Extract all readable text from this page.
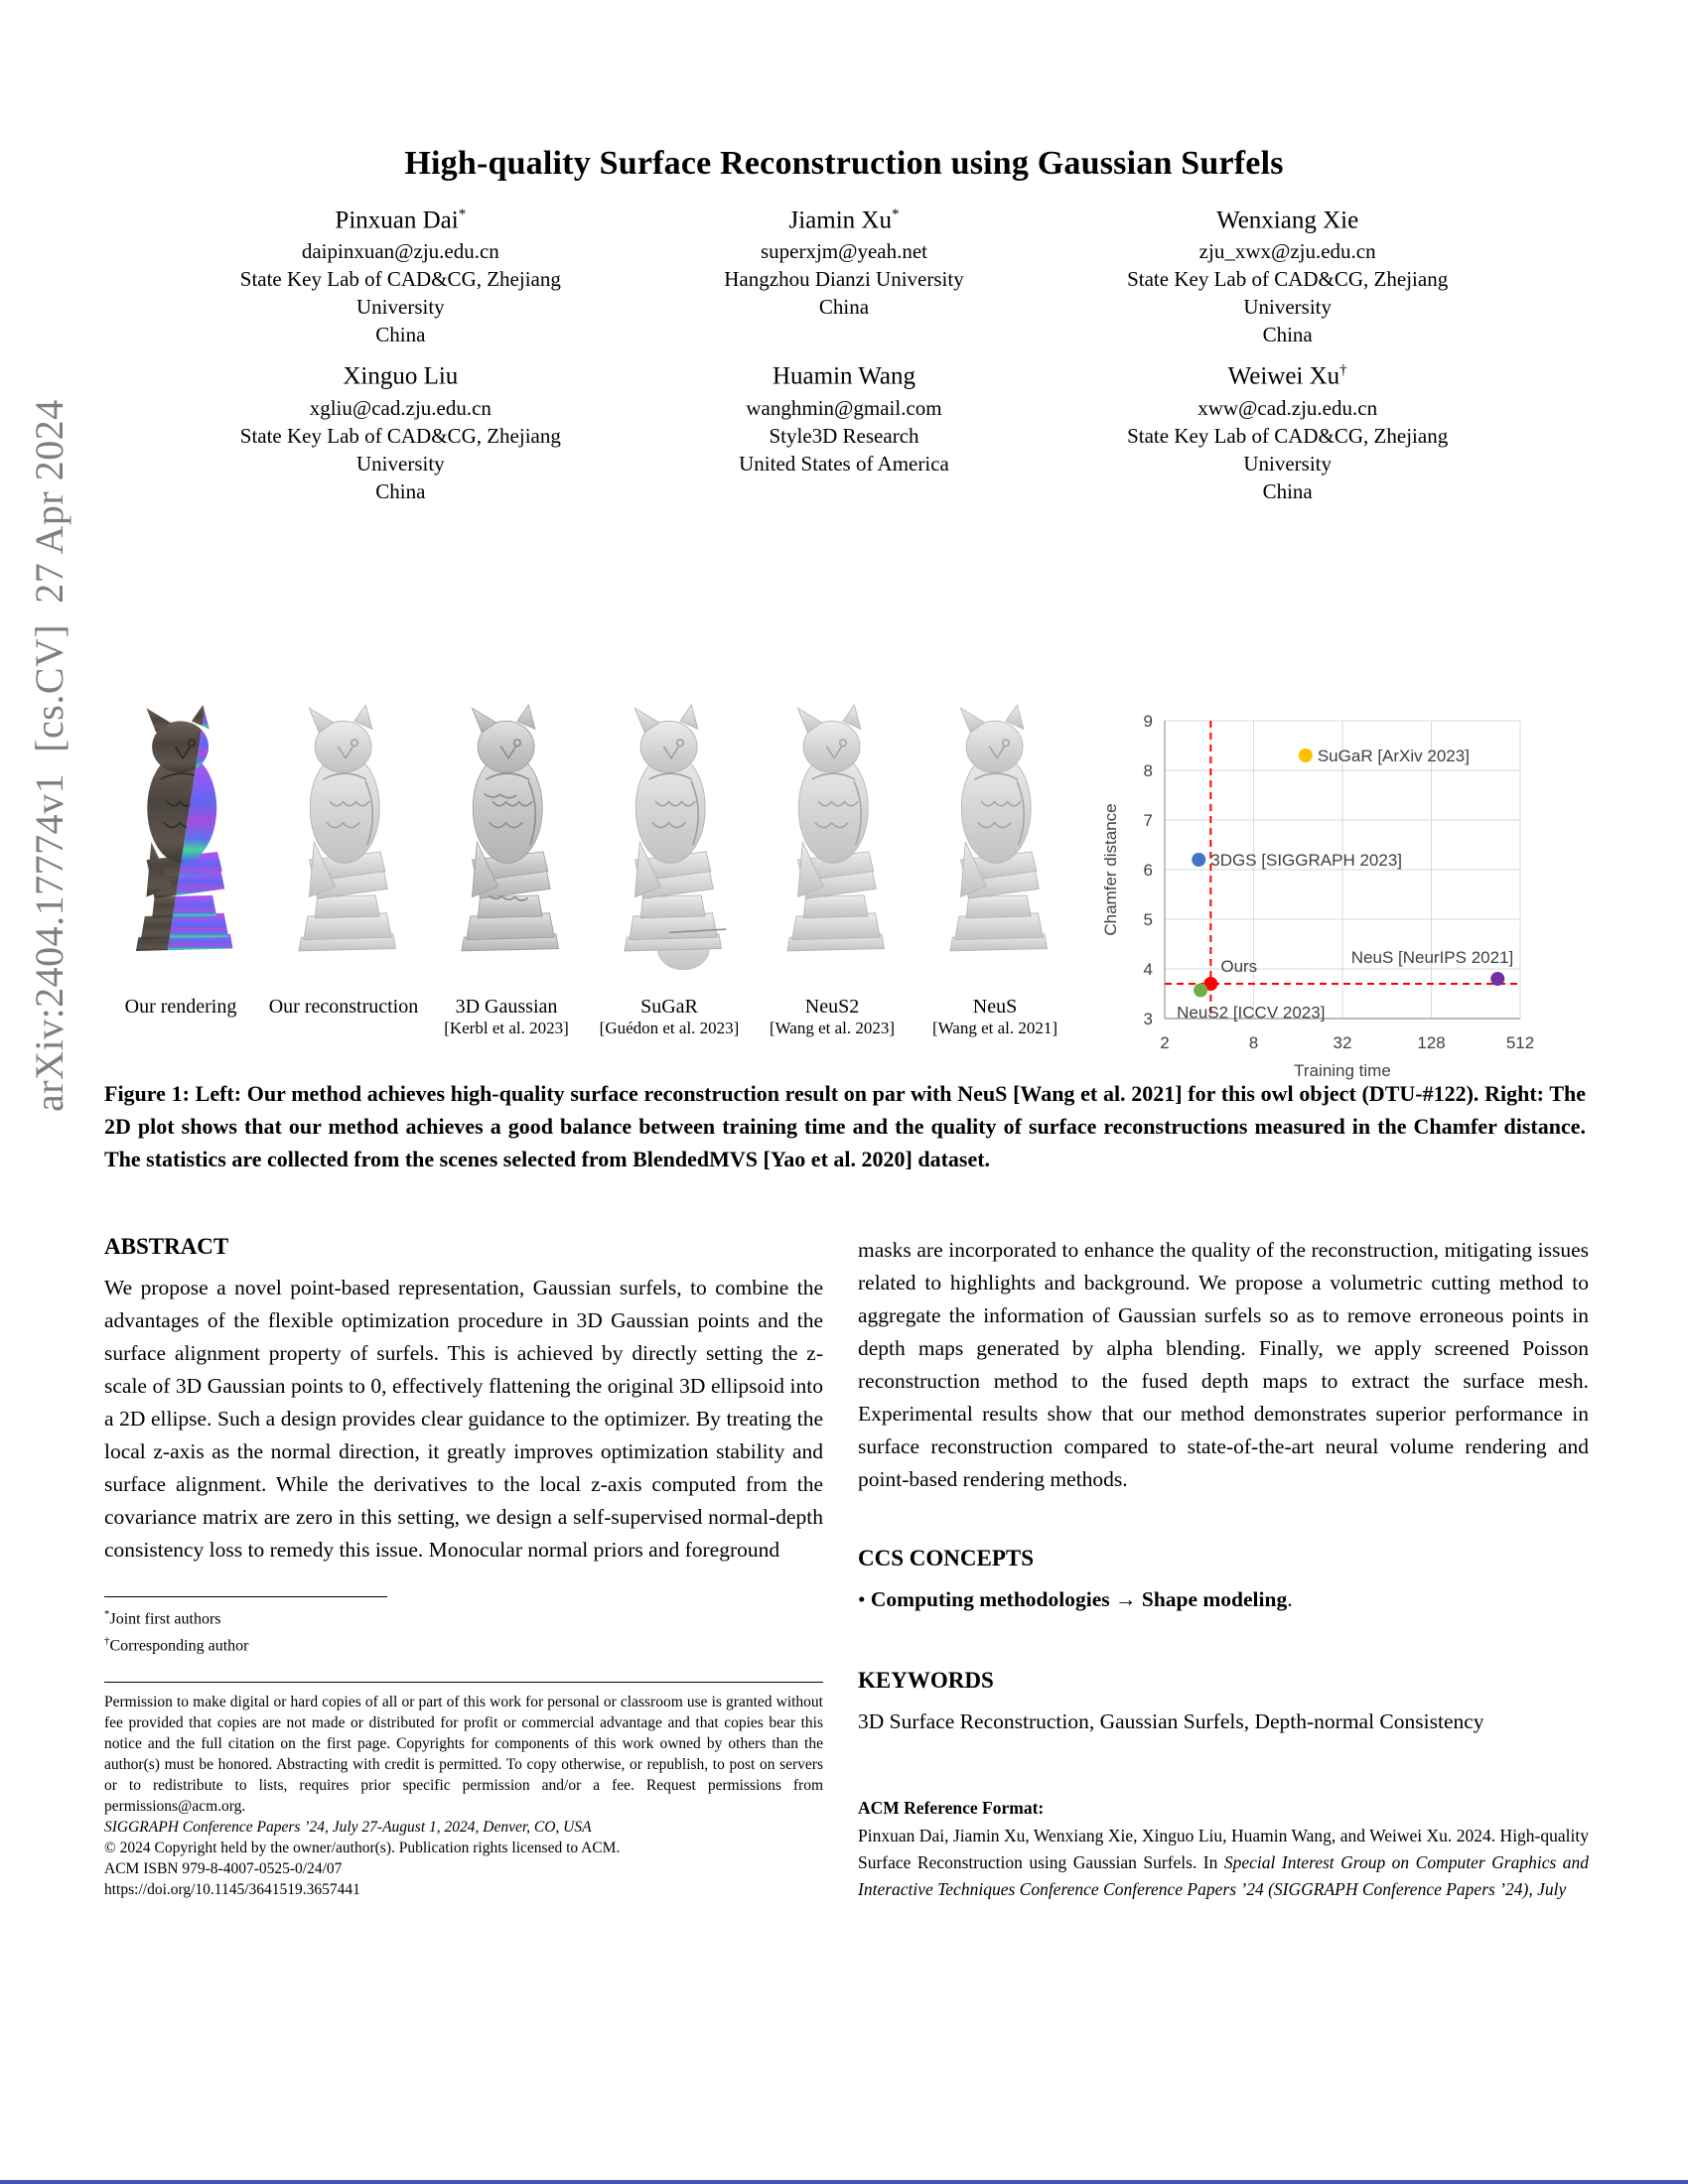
arXiv:2404.17774v1  [cs.CV]  27 Apr 2024
High-quality Surface Reconstruction using Gaussian Surfels
Pinxuan Dai*
daipinxuan@zju.edu.cn
State Key Lab of CAD&CG, Zhejiang
University
China
Jiamin Xu*
superxjm@yeah.net
Hangzhou Dianzi University
China
Wenxiang Xie
zju_xwx@zju.edu.cn
State Key Lab of CAD&CG, Zhejiang
University
China
Xinguo Liu
xgliu@cad.zju.edu.cn
State Key Lab of CAD&CG, Zhejiang
University
China
Huamin Wang
wanghmin@gmail.com
Style3D Research
United States of America
Weiwei Xu†
xww@cad.zju.edu.cn
State Key Lab of CAD&CG, Zhejiang
University
China
Our rendering	Our reconstruction	3D Gaussian
[Kerbl et al. 2023]
SuGaR
[Guédon et al. 2023]
NeuS2
[Wang et al. 2023]
NeuS
[Wang et al. 2021]	3
4
5
6
7
8
9
2	8	32	128	512
SuGaR [ArXiv 2023]
3DGS [SIGGRAPH 2023]
NeuS [NeurIPS 2021]
Ours
NeuS2 [ICCV 2023]
Training time
Chamfer distance
Figure 1: Left: Our method achieves high-quality surface reconstruction result on par with NeuS [Wang et al. 2021] for this owl object (DTU-#122). Right: The 2D plot shows that our method achieves a good balance between training time and the quality of surface reconstructions measured in the Chamfer distance. The statistics are collected from the scenes selected from BlendedMVS [Yao et al. 2020] dataset.
ABSTRACT

We propose a novel point-based representation, Gaussian surfels, to combine the advantages of the flexible optimization procedure in 3D Gaussian points and the surface alignment property of surfels. This is achieved by directly setting the z-scale of 3D Gaussian points to 0, effectively flattening the original 3D ellipsoid into a 2D ellipse. Such a design provides clear guidance to the optimizer. By treating the local z-axis as the normal direction, it greatly improves optimization stability and surface alignment. While the derivatives to the local z-axis computed from the covariance matrix are zero in this setting, we design a self-supervised normal-depth consistency loss to remedy this issue. Monocular normal priors and foreground

*Joint first authors

†Corresponding author

Permission to make digital or hard copies of all or part of this work for personal or classroom use is granted without fee provided that copies are not made or distributed for profit or commercial advantage and that copies bear this notice and the full citation on the first page. Copyrights for components of this work owned by others than the author(s) must be honored. Abstracting with credit is permitted. To copy otherwise, or republish, to post on servers or to redistribute to lists, requires prior specific permission and/or a fee. Request permissions from permissions@acm.org.

SIGGRAPH Conference Papers ’24, July 27-August 1, 2024, Denver, CO, USA

© 2024 Copyright held by the owner/author(s). Publication rights licensed to ACM.

ACM ISBN 979-8-4007-0525-0/24/07

https://doi.org/10.1145/3641519.3657441

masks are incorporated to enhance the quality of the reconstruction, mitigating issues related to highlights and background. We propose a volumetric cutting method to aggregate the information of Gaussian surfels so as to remove erroneous points in depth maps generated by alpha blending. Finally, we apply screened Poisson reconstruction method to the fused depth maps to extract the surface mesh. Experimental results show that our method demonstrates superior performance in surface reconstruction compared to state-of-the-art neural volume rendering and point-based rendering methods.

CCS CONCEPTS

• Computing methodologies → Shape modeling.

KEYWORDS

3D Surface Reconstruction, Gaussian Surfels, Depth-normal Consistency

ACM Reference Format:

Pinxuan Dai, Jiamin Xu, Wenxiang Xie, Xinguo Liu, Huamin Wang, and Weiwei Xu. 2024. High-quality Surface Reconstruction using Gaussian Surfels. In Special Interest Group on Computer Graphics and Interactive Techniques Conference Conference Papers ’24 (SIGGRAPH Conference Papers ’24), July
